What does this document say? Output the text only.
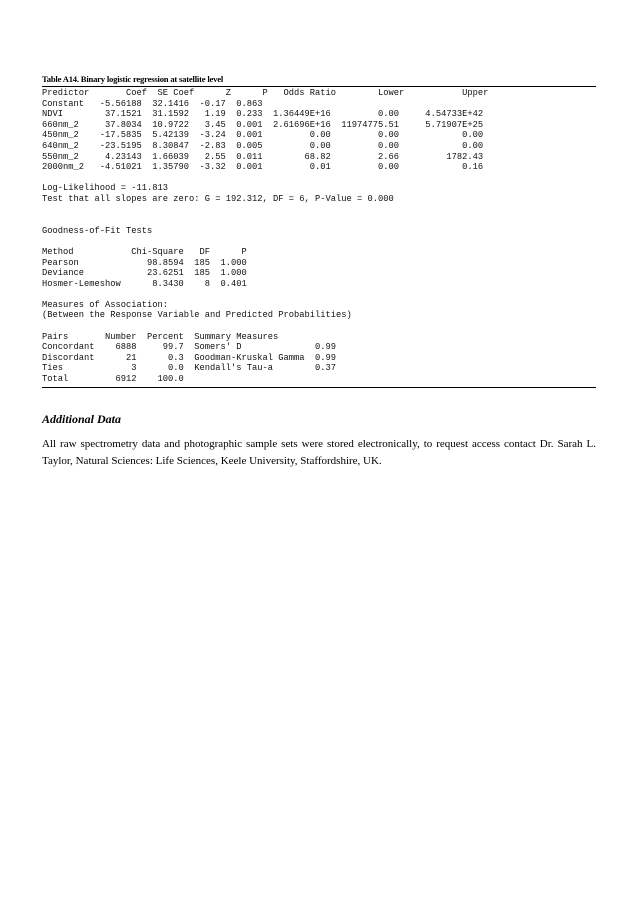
Table A14. Binary logistic regression at satellite level

Predictor       Coef  SE Coef      Z      P   Odds Ratio        Lower           Upper
Constant   -5.56188  32.1416  -0.17  0.863
NDVI        37.1521  31.1592   1.19  0.233  1.36449E+16         0.00     4.54733E+42
660nm_2     37.8034  10.9722   3.45  0.001  2.61696E+16  11974775.51     5.71907E+25
450nm_2    -17.5835  5.42139  -3.24  0.001         0.00         0.00            0.00
640nm_2    -23.5195  8.30847  -2.83  0.005         0.00         0.00            0.00
550nm_2     4.23143  1.66039   2.55  0.011        68.82         2.66         1782.43
2000nm_2   -4.51021  1.35790  -3.32  0.001         0.01         0.00            0.16

Log-Likelihood = -11.813
Test that all slopes are zero: G = 192.312, DF = 6, P-Value = 0.000

Goodness-of-Fit Tests

Method           Chi-Square   DF      P
Pearson             98.8594  185  1.000
Deviance            23.6251  185  1.000
Hosmer-Lemeshow      8.3430    8  0.401

Measures of Association:
(Between the Response Variable and Predicted Probabilities)

Pairs       Number  Percent  Summary Measures
Concordant    6888     99.7  Somers' D              0.99
Discordant      21      0.3  Goodman-Kruskal Gamma  0.99
Ties             3      0.0  Kendall's Tau-a        0.37
Total         6912    100.0
Additional Data

All raw spectrometry data and photographic sample sets were stored electronically, to request access contact Dr. Sarah L. Taylor, Natural Sciences: Life Sciences, Keele University, Staffordshire, UK.
